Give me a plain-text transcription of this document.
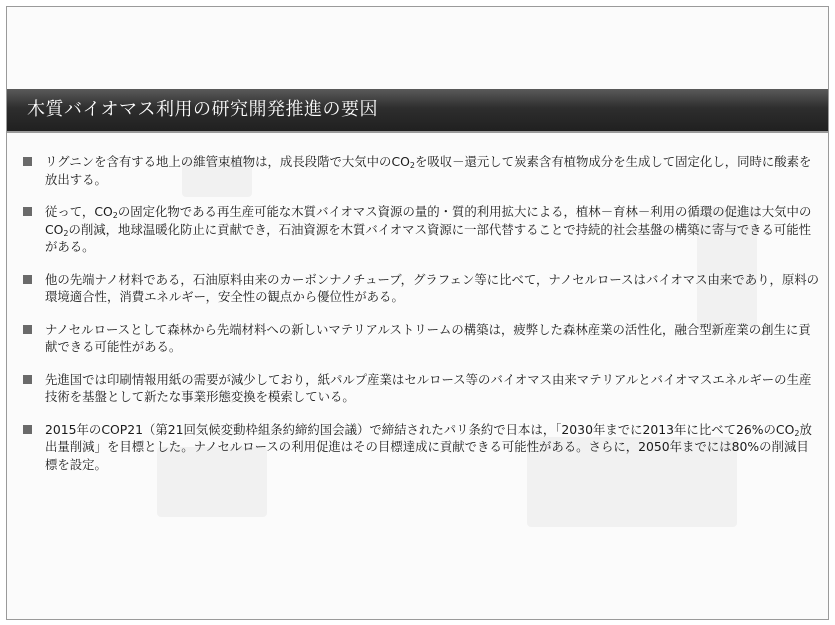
木質バイオマス利用の研究開発推進の要因
リグニンを含有する地上の維管束植物は，成長段階で大気中の$CO_2$を吸収－還元して炭素含有植物成分を生成して固定化し，同時に酸素を放出する。
従って，$CO_2$の固定化物である再生産可能な木質バイオマス資源の量的・質的利用拡大による，植林－育林－利用の循環の促進は大気中の$CO_2$の削減，地球温暖化防止に貢献でき，石油資源を木質バイオマス資源に一部代替することで持続的社会基盤の構築に寄与できる可能性がある。
他の先端ナノ材料である，石油原料由来のカーボンナノチューブ，グラフェン等に比べて，ナノセルロースはバイオマス由来であり，原料の環境適合性，消費エネルギー，安全性の観点から優位性がある。
ナノセルロースとして森林から先端材料への新しいマテリアルストリームの構築は，疲弊した森林産業の活性化，融合型新産業の創生に貢献できる可能性がある。
先進国では印刷情報用紙の需要が減少しており，紙パルプ産業はセルロース等のバイオマス由来マテリアルとバイオマスエネルギーの生産技術を基盤として新たな事業形態変換を模索している。
2015年のCOP21（第21回気候変動枠組条約締約国会議）で締結されたパリ条約で日本は，「2030年までに2013年に比べて26%の$CO_2$放出量削減」を目標とした。ナノセルロースの利用促進はその目標達成に貢献できる可能性がある。さらに，2050年までには80%の削減目標を設定。
